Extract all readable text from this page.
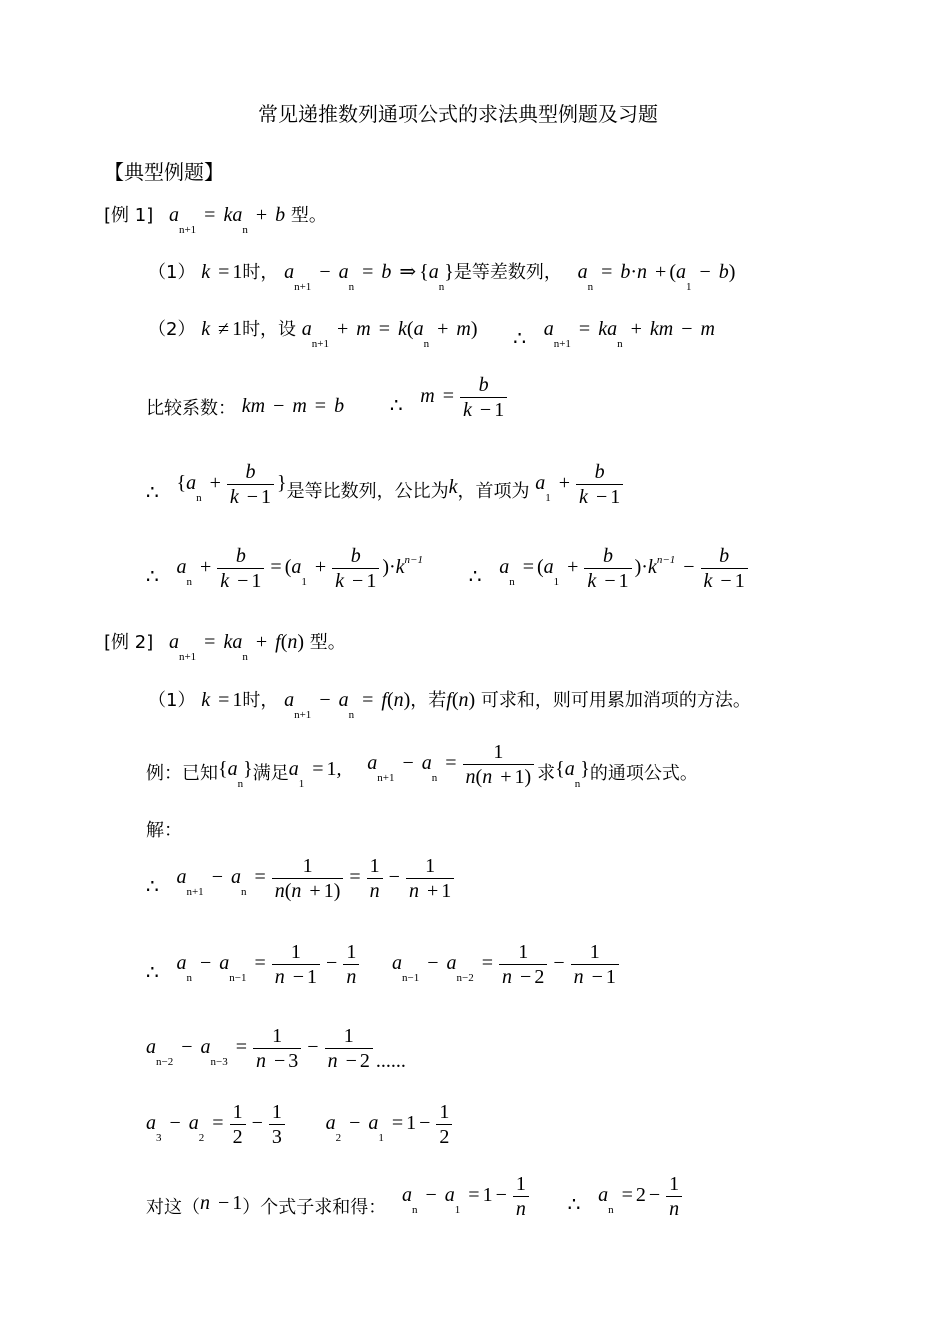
常见递推数列通项公式的求法典型例题及习题
【典型例题】
[例 1] $a_{n+1} = ka_n + b$ 型。
（1） k = 1时， $a_{n+1} - a_n = b$ ⇒ $\{a_n\}$是等差数列， $a_n = b\cdot n + (a_1 - b)$
（2） k ≠ 1时，设 $a_{n+1} + m = k(a_n + m)$ ∴ $a_{n+1} = ka_n$ + km − m
比较系数： km − m = b ∴ $m = \frac{b}{k - 1}$
∴ {$a_n + \frac{b}{k - 1}$ }是等比数列，公比为k，首项为 $a_1 + \frac{b}{k - 1}$
∴ $a_n + \frac{b}{k - 1} = (a_1 + \frac{b}{k - 1} )\cdot k^{n-1}$ ∴ $a_n = (a_1 + \frac{b}{k - 1} )\cdot k^{n-1} - \frac{b}{k - 1}$
[例 2] $a_{n+1} = ka_n + f(n)$ 型。
（1） k = 1时， $a_{n+1} - a_n = f(n)$，若f(n) 可求和，则可用累加消项的方法。
例：已知$\{a_n\}$满足$a_1 = 1$, $a_{n+1} - a_n = \frac{1}{n(n + 1)}$ 求$\{a_n\}$的通项公式。
解：
∴ $a_{n+1} - a_n = \frac{1}{n(n + 1)} = \frac{1}{n} - \frac{1}{n + 1}$
∴ $a_n - a_{n-1} = \frac{1}{n - 1} - \frac{1}{n} a_{n-1} - a_{n-2} = \frac{1}{n - 2} - \frac{1}{n - 1}$
$a_{n-2} - a_{n-3} = \frac{1}{n - 3} - \frac{1}{n - 2}$ ......
$a_3 - a_2 = \frac{1}{2} - \frac{1}{3} a_2 - a_1 = 1 - \frac{1}{2}$
对这（n − 1）个式子求和得： $a_n - a_1 = 1 - \frac{1}{n}$ ∴ $a_n = 2 - \frac{1}{n}$
